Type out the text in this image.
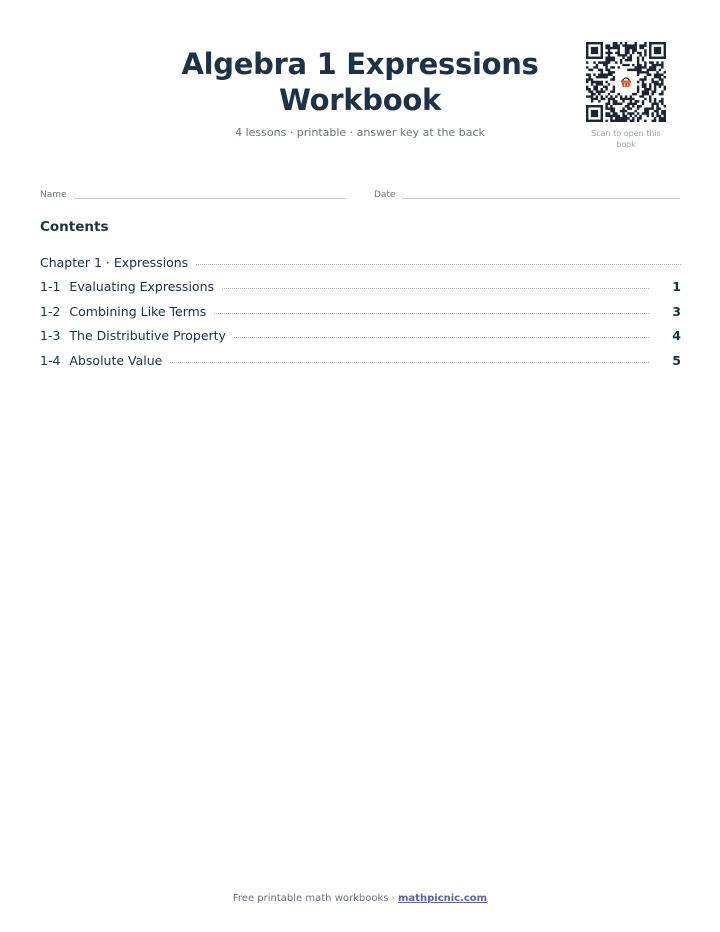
Algebra 1 Expressions Workbook
4 lessons · printable · answer key at the back	Scan to open this book
Name	Date
Contents
Chapter 1 · Expressions
1-1 Evaluating Expressions	1
1-2 Combining Like Terms	3
1-3 The Distributive Property	4
1-4 Absolute Value	5
Free printable math workbooks · mathpicnic.com
